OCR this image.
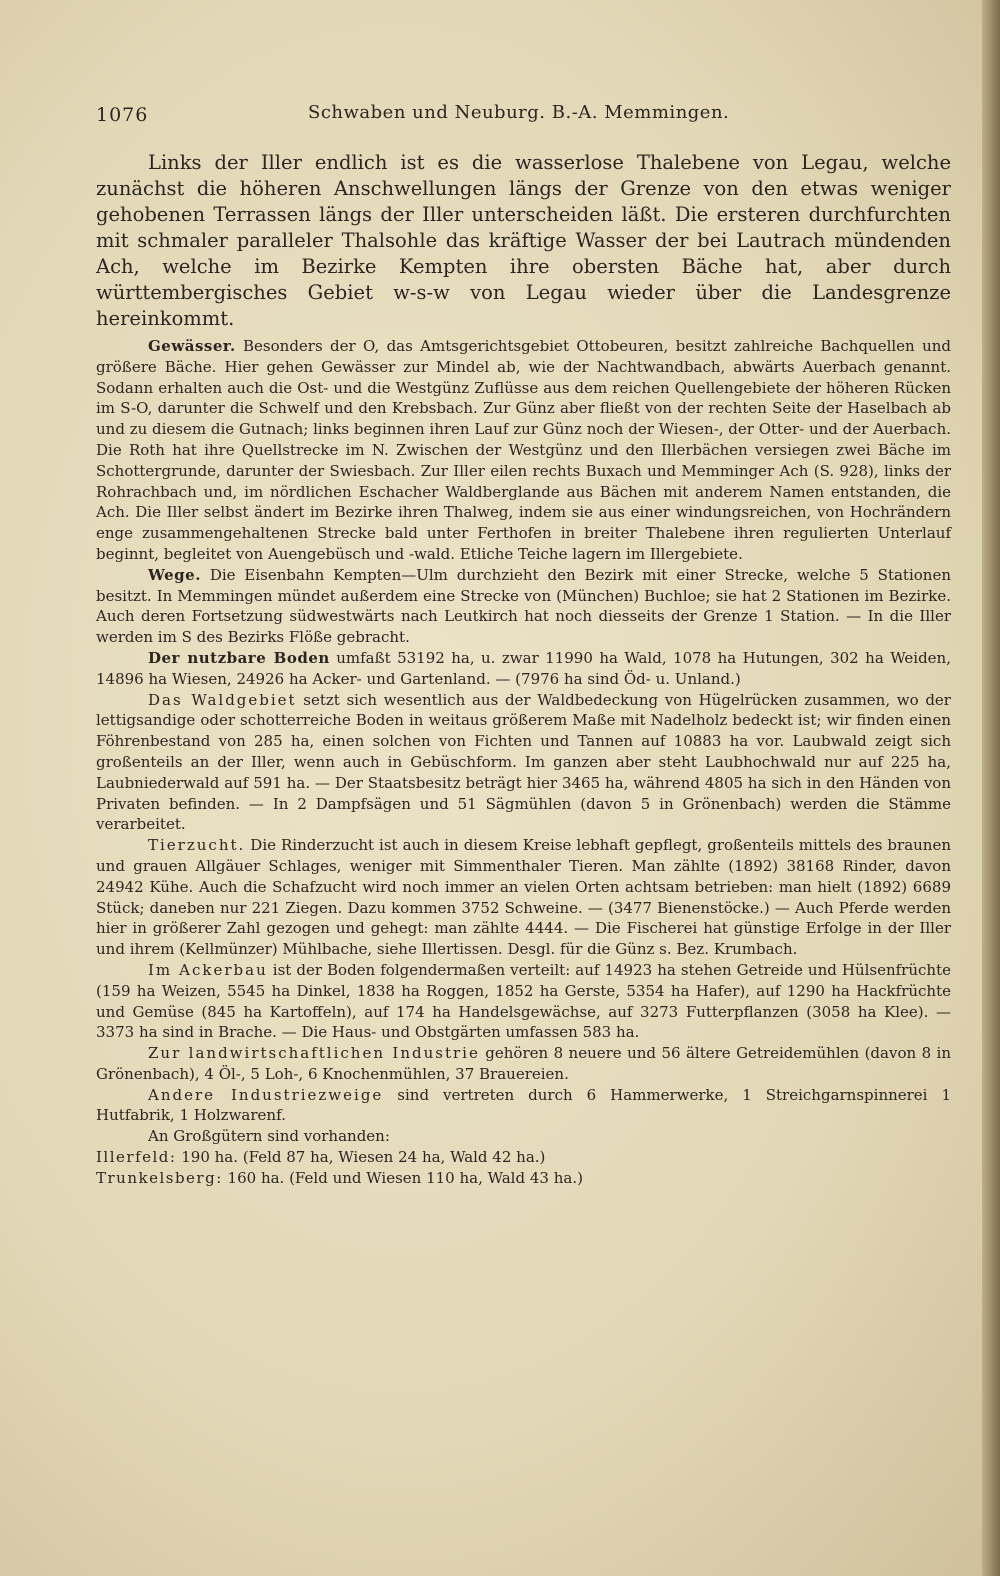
1076	Schwaben und Neuburg. B.-A. Memmingen.

Links der Iller endlich ist es die wasserlose Thalebene von Legau, welche zunächst die höheren Anschwellungen längs der Grenze von den etwas weniger gehobenen Terrassen längs der Iller unterscheiden läßt. Die ersteren durchfurchten mit schmaler paralleler Thalsohle das kräftige Wasser der bei Lautrach mündenden Ach, welche im Bezirke Kempten ihre obersten Bäche hat, aber durch württembergisches Gebiet w-s-w von Legau wieder über die Landesgrenze hereinkommt.

Gewässer. Besonders der O, das Amtsgerichtsgebiet Ottobeuren, besitzt zahlreiche Bachquellen und größere Bäche. Hier gehen Gewässer zur Mindel ab, wie der Nachtwandbach, abwärts Auerbach genannt. Sodann erhalten auch die Ost- und die Westgünz Zuflüsse aus dem reichen Quellengebiete der höheren Rücken im S-O, darunter die Schwelf und den Krebsbach. Zur Günz aber fließt von der rechten Seite der Haselbach ab und zu diesem die Gutnach; links beginnen ihren Lauf zur Günz noch der Wiesen-, der Otter- und der Auerbach. Die Roth hat ihre Quellstrecke im N. Zwischen der Westgünz und den Illerbächen versiegen zwei Bäche im Schottergrunde, darunter der Swiesbach. Zur Iller eilen rechts Buxach und Memminger Ach (S. 928), links der Rohrachbach und, im nördlichen Eschacher Waldberglande aus Bächen mit anderem Namen entstanden, die Ach. Die Iller selbst ändert im Bezirke ihren Thalweg, indem sie aus einer windungsreichen, von Hochrändern enge zusammengehaltenen Strecke bald unter Ferthofen in breiter Thalebene ihren regulierten Unterlauf beginnt, begleitet von Auengebüsch und -wald. Etliche Teiche lagern im Illergebiete.

Wege. Die Eisenbahn Kempten—Ulm durchzieht den Bezirk mit einer Strecke, welche 5 Stationen besitzt. In Memmingen mündet außerdem eine Strecke von (München) Buchloe; sie hat 2 Stationen im Bezirke. Auch deren Fortsetzung südwestwärts nach Leutkirch hat noch diesseits der Grenze 1 Station. — In die Iller werden im S des Bezirks Flöße gebracht.

Der nutzbare Boden umfaßt 53192 ha, u. zwar 11990 ha Wald, 1078 ha Hutungen, 302 ha Weiden, 14896 ha Wiesen, 24926 ha Acker- und Gartenland. — (7976 ha sind Öd- u. Unland.)

Das Waldgebiet setzt sich wesentlich aus der Waldbedeckung von Hügelrücken zusammen, wo der lettigsandige oder schotterreiche Boden in weitaus größerem Maße mit Nadelholz bedeckt ist; wir finden einen Föhrenbestand von 285 ha, einen solchen von Fichten und Tannen auf 10883 ha vor. Laubwald zeigt sich großenteils an der Iller, wenn auch in Gebüschform. Im ganzen aber steht Laubhochwald nur auf 225 ha, Laubniederwald auf 591 ha. — Der Staatsbesitz beträgt hier 3465 ha, während 4805 ha sich in den Händen von Privaten befinden. — In 2 Dampfsägen und 51 Sägmühlen (davon 5 in Grönenbach) werden die Stämme verarbeitet.

Tierzucht. Die Rinderzucht ist auch in diesem Kreise lebhaft gepflegt, großenteils mittels des braunen und grauen Allgäuer Schlages, weniger mit Simmenthaler Tieren. Man zählte (1892) 38168 Rinder, davon 24942 Kühe. Auch die Schafzucht wird noch immer an vielen Orten achtsam betrieben: man hielt (1892) 6689 Stück; daneben nur 221 Ziegen. Dazu kommen 3752 Schweine. — (3477 Bienenstöcke.) — Auch Pferde werden hier in größerer Zahl gezogen und gehegt: man zählte 4444. — Die Fischerei hat günstige Erfolge in der Iller und ihrem (Kellmünzer) Mühlbache, siehe Illertissen. Desgl. für die Günz s. Bez. Krumbach.

Im Ackerbau ist der Boden folgendermaßen verteilt: auf 14923 ha stehen Getreide und Hülsenfrüchte (159 ha Weizen, 5545 ha Dinkel, 1838 ha Roggen, 1852 ha Gerste, 5354 ha Hafer), auf 1290 ha Hackfrüchte und Gemüse (845 ha Kartoffeln), auf 174 ha Handelsgewächse, auf 3273 Futterpflanzen (3058 ha Klee). — 3373 ha sind in Brache. — Die Haus- und Obstgärten umfassen 583 ha.

Zur landwirtschaftlichen Industrie gehören 8 neuere und 56 ältere Getreidemühlen (davon 8 in Grönenbach), 4 Öl-, 5 Loh-, 6 Knochenmühlen, 37 Brauereien.

Andere Industriezweige sind vertreten durch 6 Hammerwerke, 1 Streichgarnspinnerei 1 Hutfabrik, 1 Holzwarenf.

An Großgütern sind vorhanden:

Illerfeld: 190 ha. (Feld 87 ha, Wiesen 24 ha, Wald 42 ha.)

Trunkelsberg: 160 ha. (Feld und Wiesen 110 ha, Wald 43 ha.)
